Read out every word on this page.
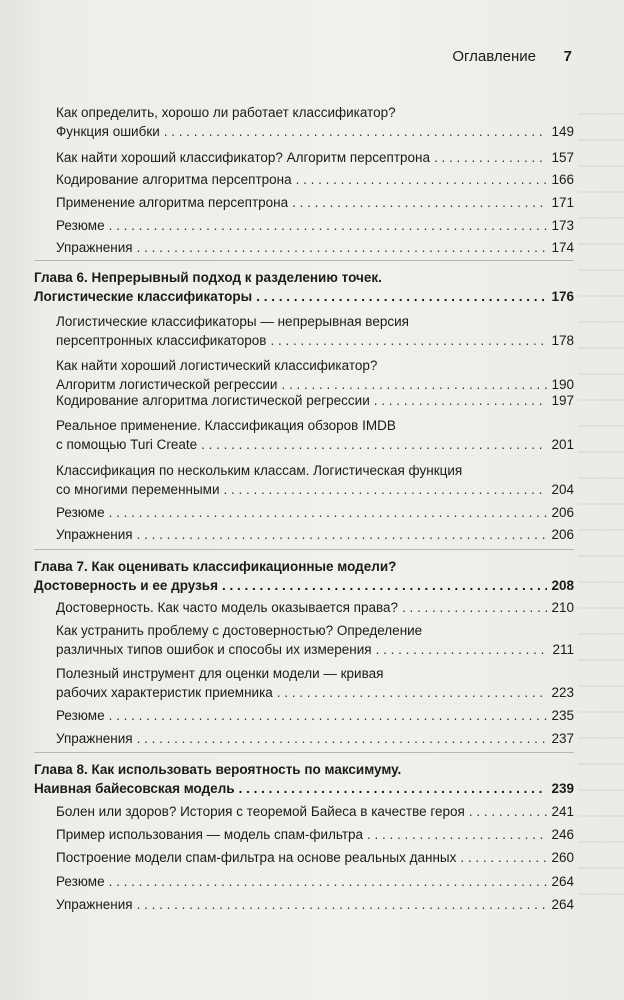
Оглавление 7
Как определить, хорошо ли работает классификатор?
Функция ошибки . . .	149
Как найти хороший классификатор? Алгоритм персептрона . . .	157
Кодирование алгоритма персептрона . . .	166
Применение алгоритма персептрона . . .	171
Резюме . . .	173
Упражнения . . .	174
Глава 6. Непрерывный подход к разделению точек.
Логистические классификаторы . . .	176
Логистические классификаторы — непрерывная версия
персептронных классификаторов . . .	178
Как найти хороший логистический классификатор?
Алгоритм логистической регрессии . . .	190
Кодирование алгоритма логистической регрессии . . .	197
Реальное применение. Классификация обзоров IMDB
с помощью Turi Create . . .	201
Классификация по нескольким классам. Логистическая функция
со многими переменными . . .	204
Резюме . . .	206
Упражнения . . .	206
Глава 7. Как оценивать классификационные модели?
Достоверность и ее друзья . . .	208
Достоверность. Как часто модель оказывается права? . . .	210
Как устранить проблему с достоверностью? Определение
различных типов ошибок и способы их измерения . . .	211
Полезный инструмент для оценки модели — кривая
рабочих характеристик приемника . . .	223
Резюме . . .	235
Упражнения . . .	237
Глава 8. Как использовать вероятность по максимуму.
Наивная байесовская модель . . .	239
Болен или здоров? История с теоремой Байеса в качестве героя . . .	241
Пример использования — модель спам-фильтра . . .	246
Построение модели спам-фильтра на основе реальных данных . . .	260
Резюме . . .	264
Упражнения . . .	264
